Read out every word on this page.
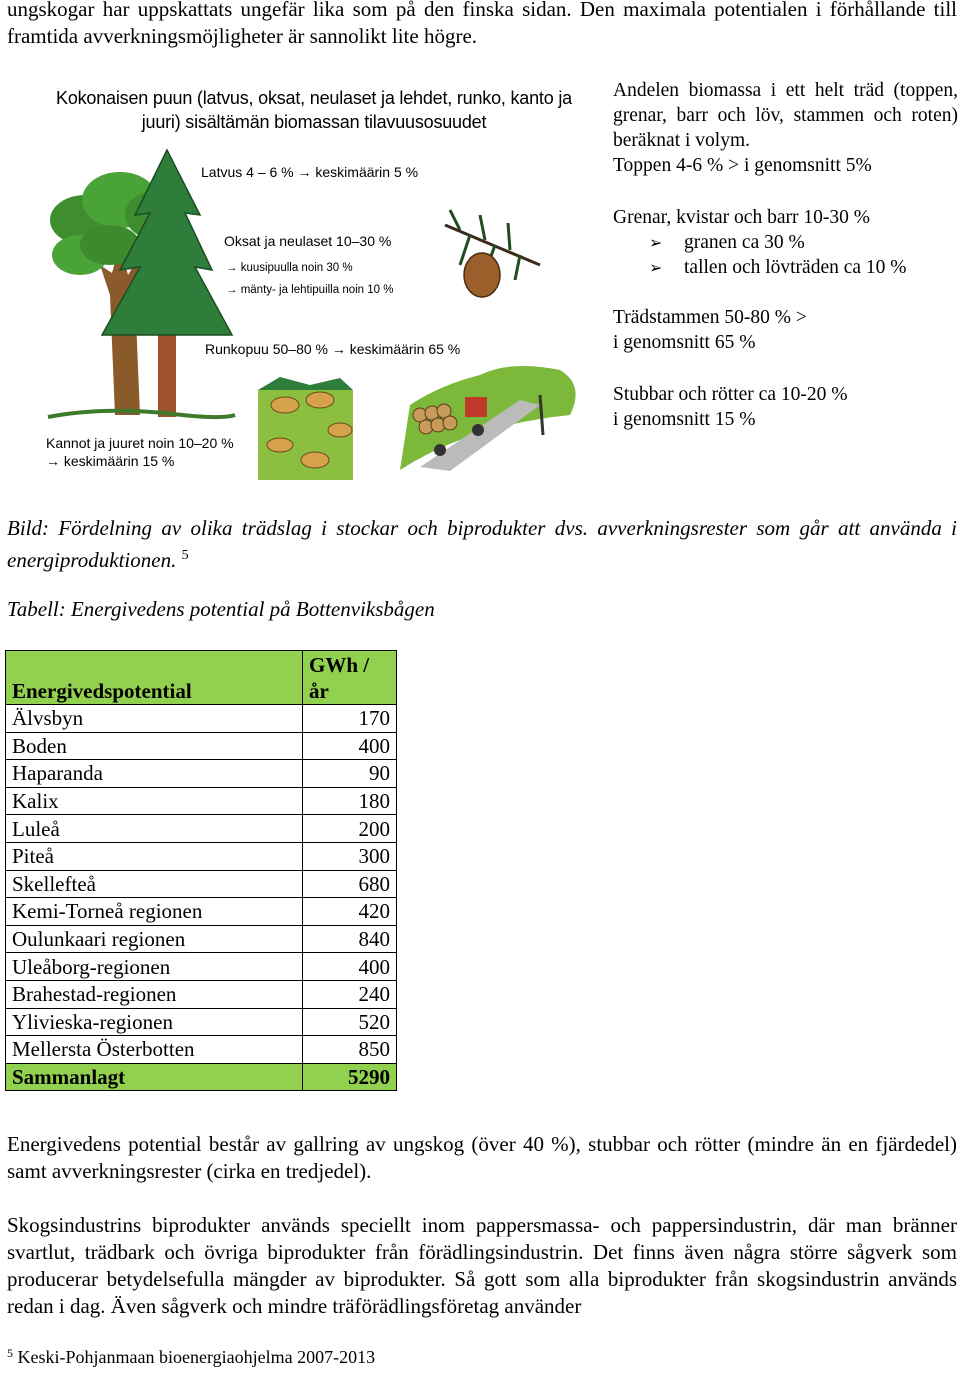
ungskogar har uppskattats ungefär lika som på den finska sidan. Den maximala potentialen i förhållande till framtida avverkningsmöjligheter är sannolikt lite högre.
Kokonaisen puun (latvus, oksat, neulaset ja lehdet, runko, kanto ja juuri) sisältämän biomassan tilavuusosuudet
Latvus 4 – 6 % → keskimäärin 5 %
Oksat ja neulaset 10–30 %
→ kuusipuulla noin 30 %
→ mänty- ja lehtipuilla noin 10 %
Runkopuu 50–80 % → keskimäärin 65 %
Kannot ja juuret noin 10–20 %
→ keskimäärin 15 %

Andelen biomassa i ett helt träd (toppen, grenar, barr och löv, stammen och roten) beräknat i volym.

Toppen 4-6 % > i genomsnitt 5%

Grenar, kvistar och barr 10-30 %

➢ granen ca 30 %

➢ tallen och lövträden ca 10 %

Trädstammen 50-80 % >

i genomsnitt 65 %

Stubbar och rötter ca 10-20 %

i genomsnitt 15 %

Bild: Fördelning av olika trädslag i stockar och biprodukter dvs. avverkningsrester som går att använda i energiproduktionen. $^5$
Tabell: Energivedens potential på Bottenviksbågen
Energivedspotential	GWh / år
Älvsbyn	170
Boden	400
Haparanda	90
Kalix	180
Luleå	200
Piteå	300
Skellefteå	680
Kemi-Torneå regionen	420
Oulunkaari regionen	840
Uleåborg-regionen	400
Brahestad-regionen	240
Ylivieska-regionen	520
Mellersta Österbotten	850
Sammanlagt	5290
Energivedens potential består av gallring av ungskog (över 40 %), stubbar och rötter (mindre än en fjärdedel) samt avverkningsrester (cirka en tredjedel).
Skogsindustrins biprodukter används speciellt inom pappersmassa- och pappersindustrin, där man bränner svartlut, trädbark och övriga biprodukter från förädlingsindustrin. Det finns även några större sågverk som producerar betydelsefulla mängder av biprodukter. Så gott som alla biprodukter från skogsindustrin används redan i dag. Även sågverk och mindre träförädlingsföretag använder
$^5$ Keski-Pohjanmaan bioenergiaohjelma 2007-2013
